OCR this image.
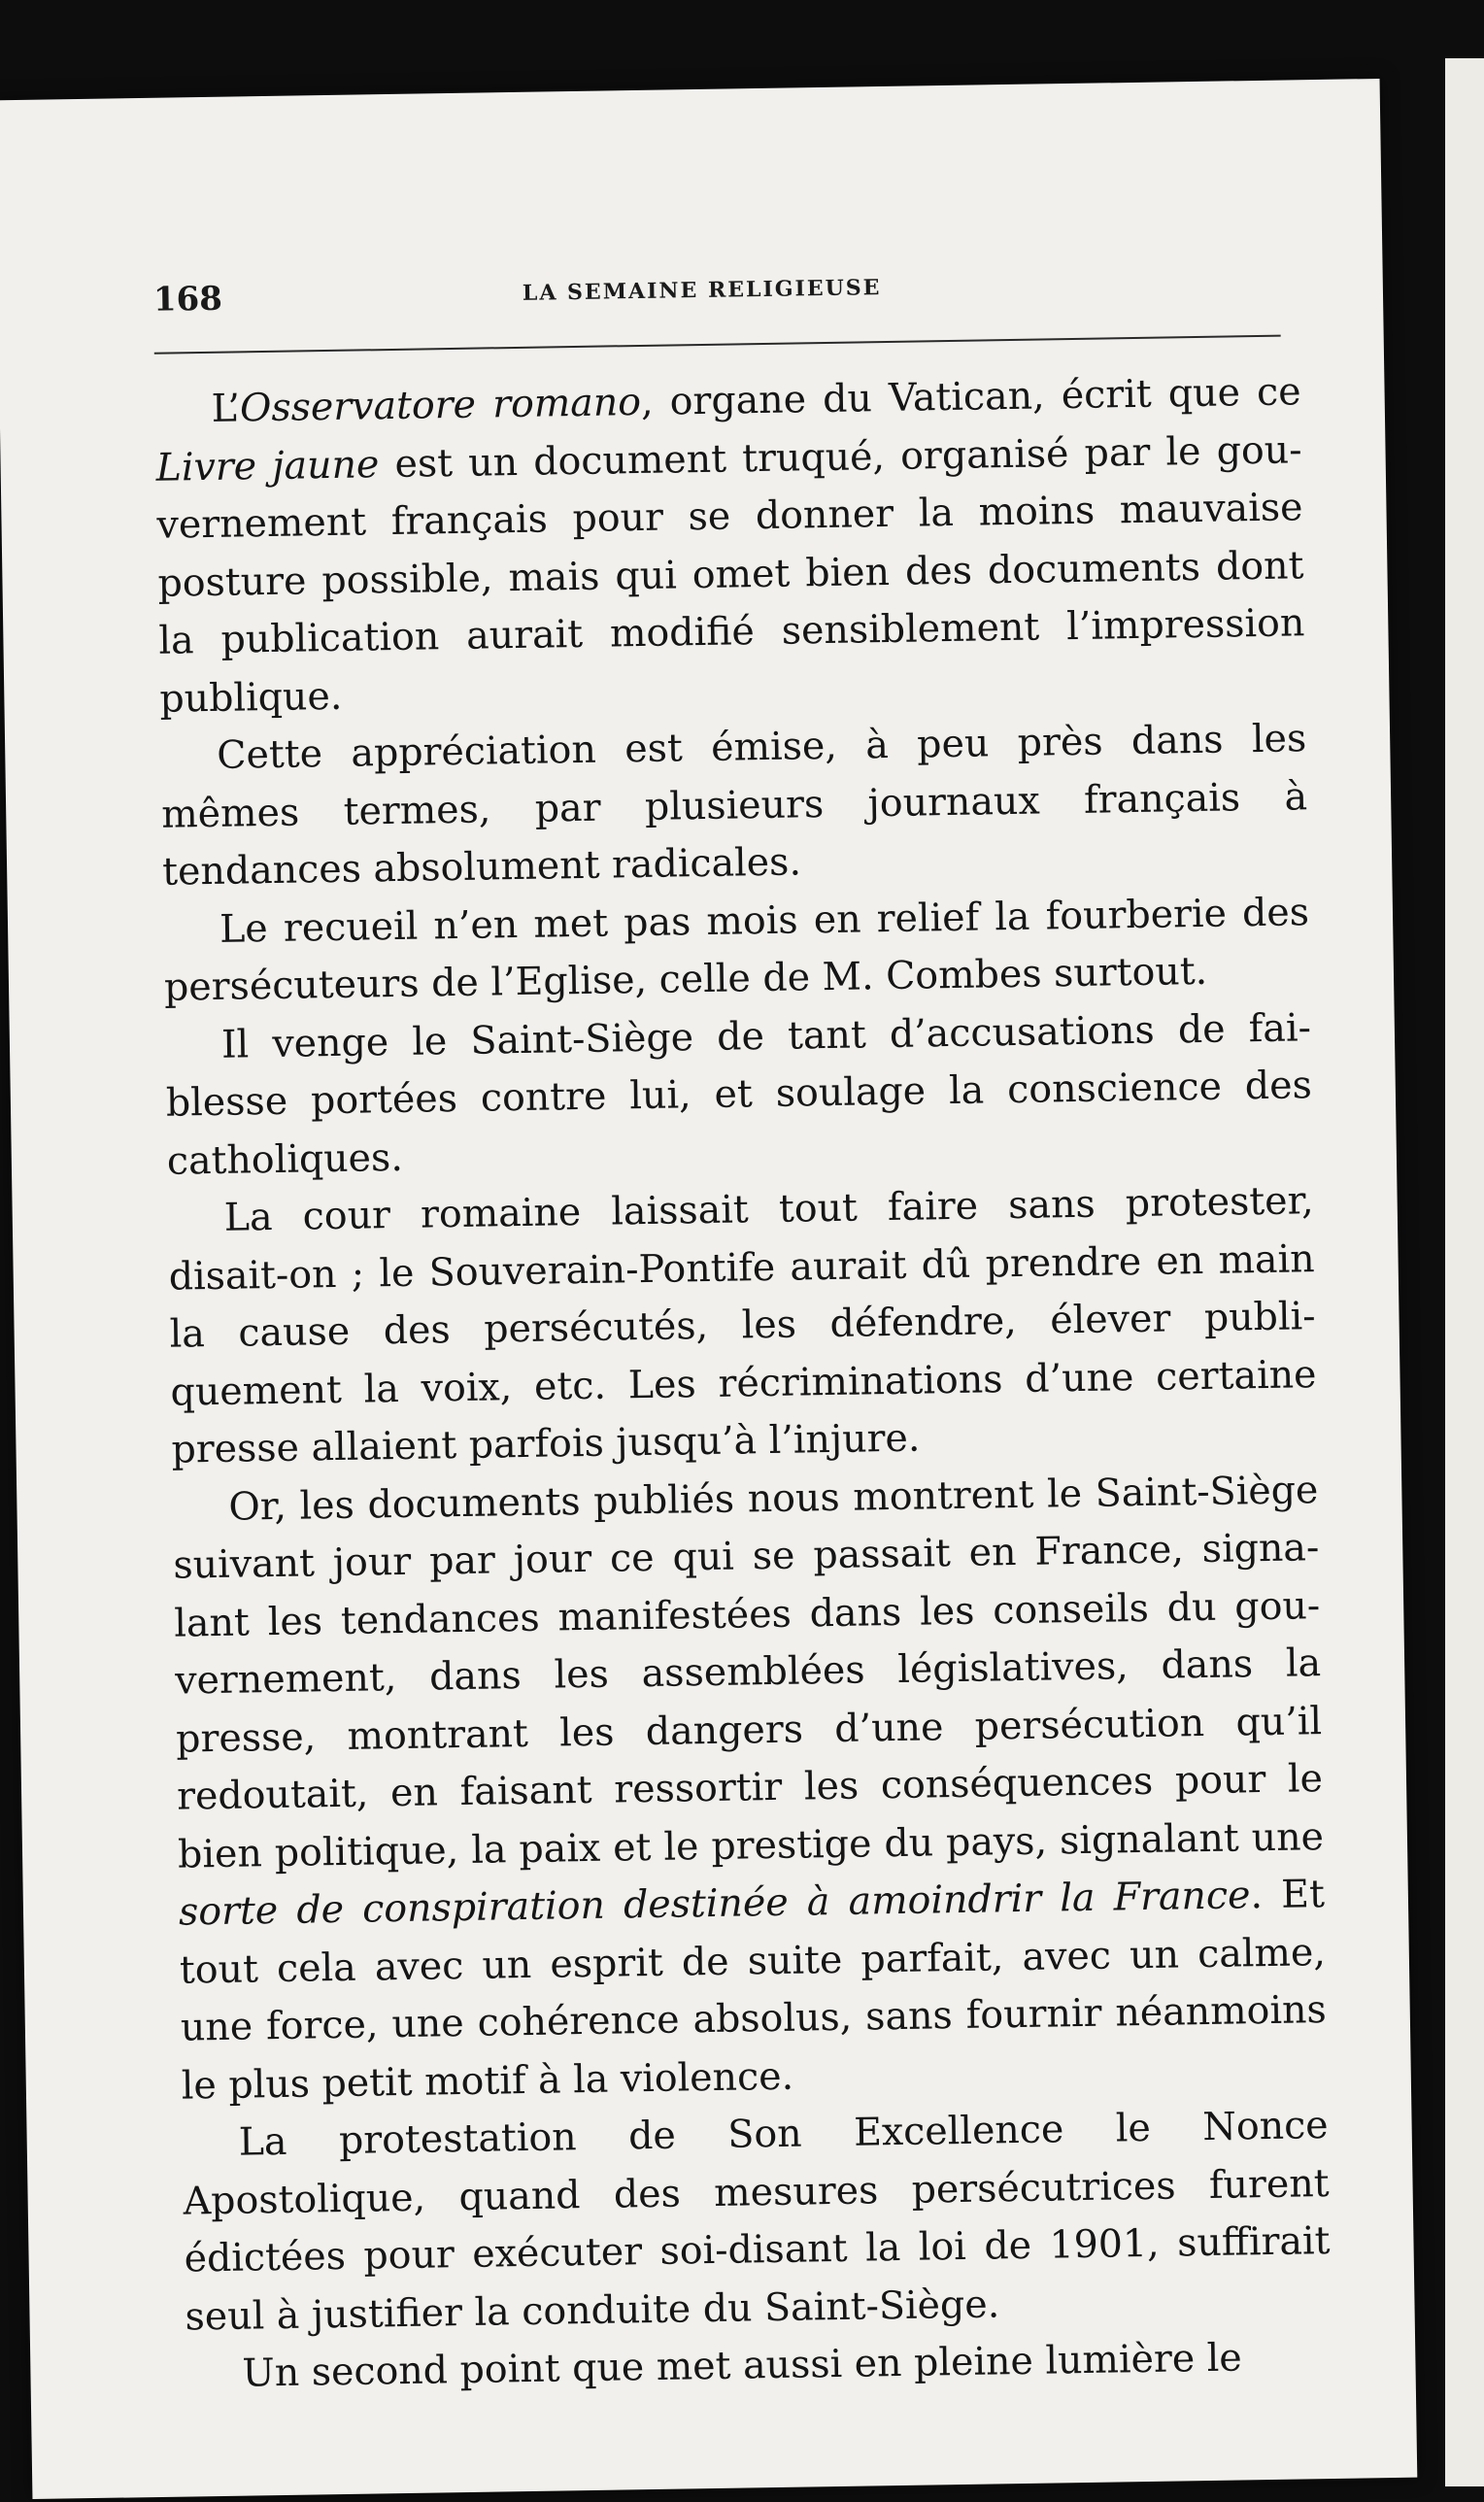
168	LA SEMAINE RELIGIEUSE

L’Osservatore romano, organe du Vatican, écrit que ce Livre jaune est un document truqué, organisé par le gouvernement français pour se donner la moins mauvaise posture possible, mais qui omet bien des documents dont la publication aurait modifié sensiblement l’impression publique.

Cette appréciation est émise, à peu près dans les mêmes termes, par plusieurs journaux français à tendances absolument radicales.

Le recueil n’en met pas mois en relief la fourberie des persécuteurs de l’Eglise, celle de M. Combes surtout.

Il venge le Saint-Siège de tant d’accusations de faiblesse portées contre lui, et soulage la conscience des catholiques.

La cour romaine laissait tout faire sans protester, disait-on ; le Souverain-Pontife aurait dû prendre en main la cause des persécutés, les défendre, élever publiquement la voix, etc. Les récriminations d’une certaine presse allaient parfois jusqu’à l’injure.

Or, les documents publiés nous montrent le Saint-Siège suivant jour par jour ce qui se passait en France, signalant les tendances manifestées dans les conseils du gouvernement, dans les assemblées législatives, dans la presse, montrant les dangers d’une persécution qu’il redoutait, en faisant ressortir les conséquences pour le bien politique, la paix et le prestige du pays, signalant une sorte de conspiration destinée à amoindrir la France. Et tout cela avec un esprit de suite parfait, avec un calme, une force, une cohérence absolus, sans fournir néanmoins le plus petit motif à la violence.

La protestation de Son Excellence le Nonce Apostolique, quand des mesures persécutrices furent édictées pour exécuter soi-disant la loi de 1901, suffirait seul à justifier la conduite du Saint-Siège.

Un second point que met aussi en pleine lumière le
